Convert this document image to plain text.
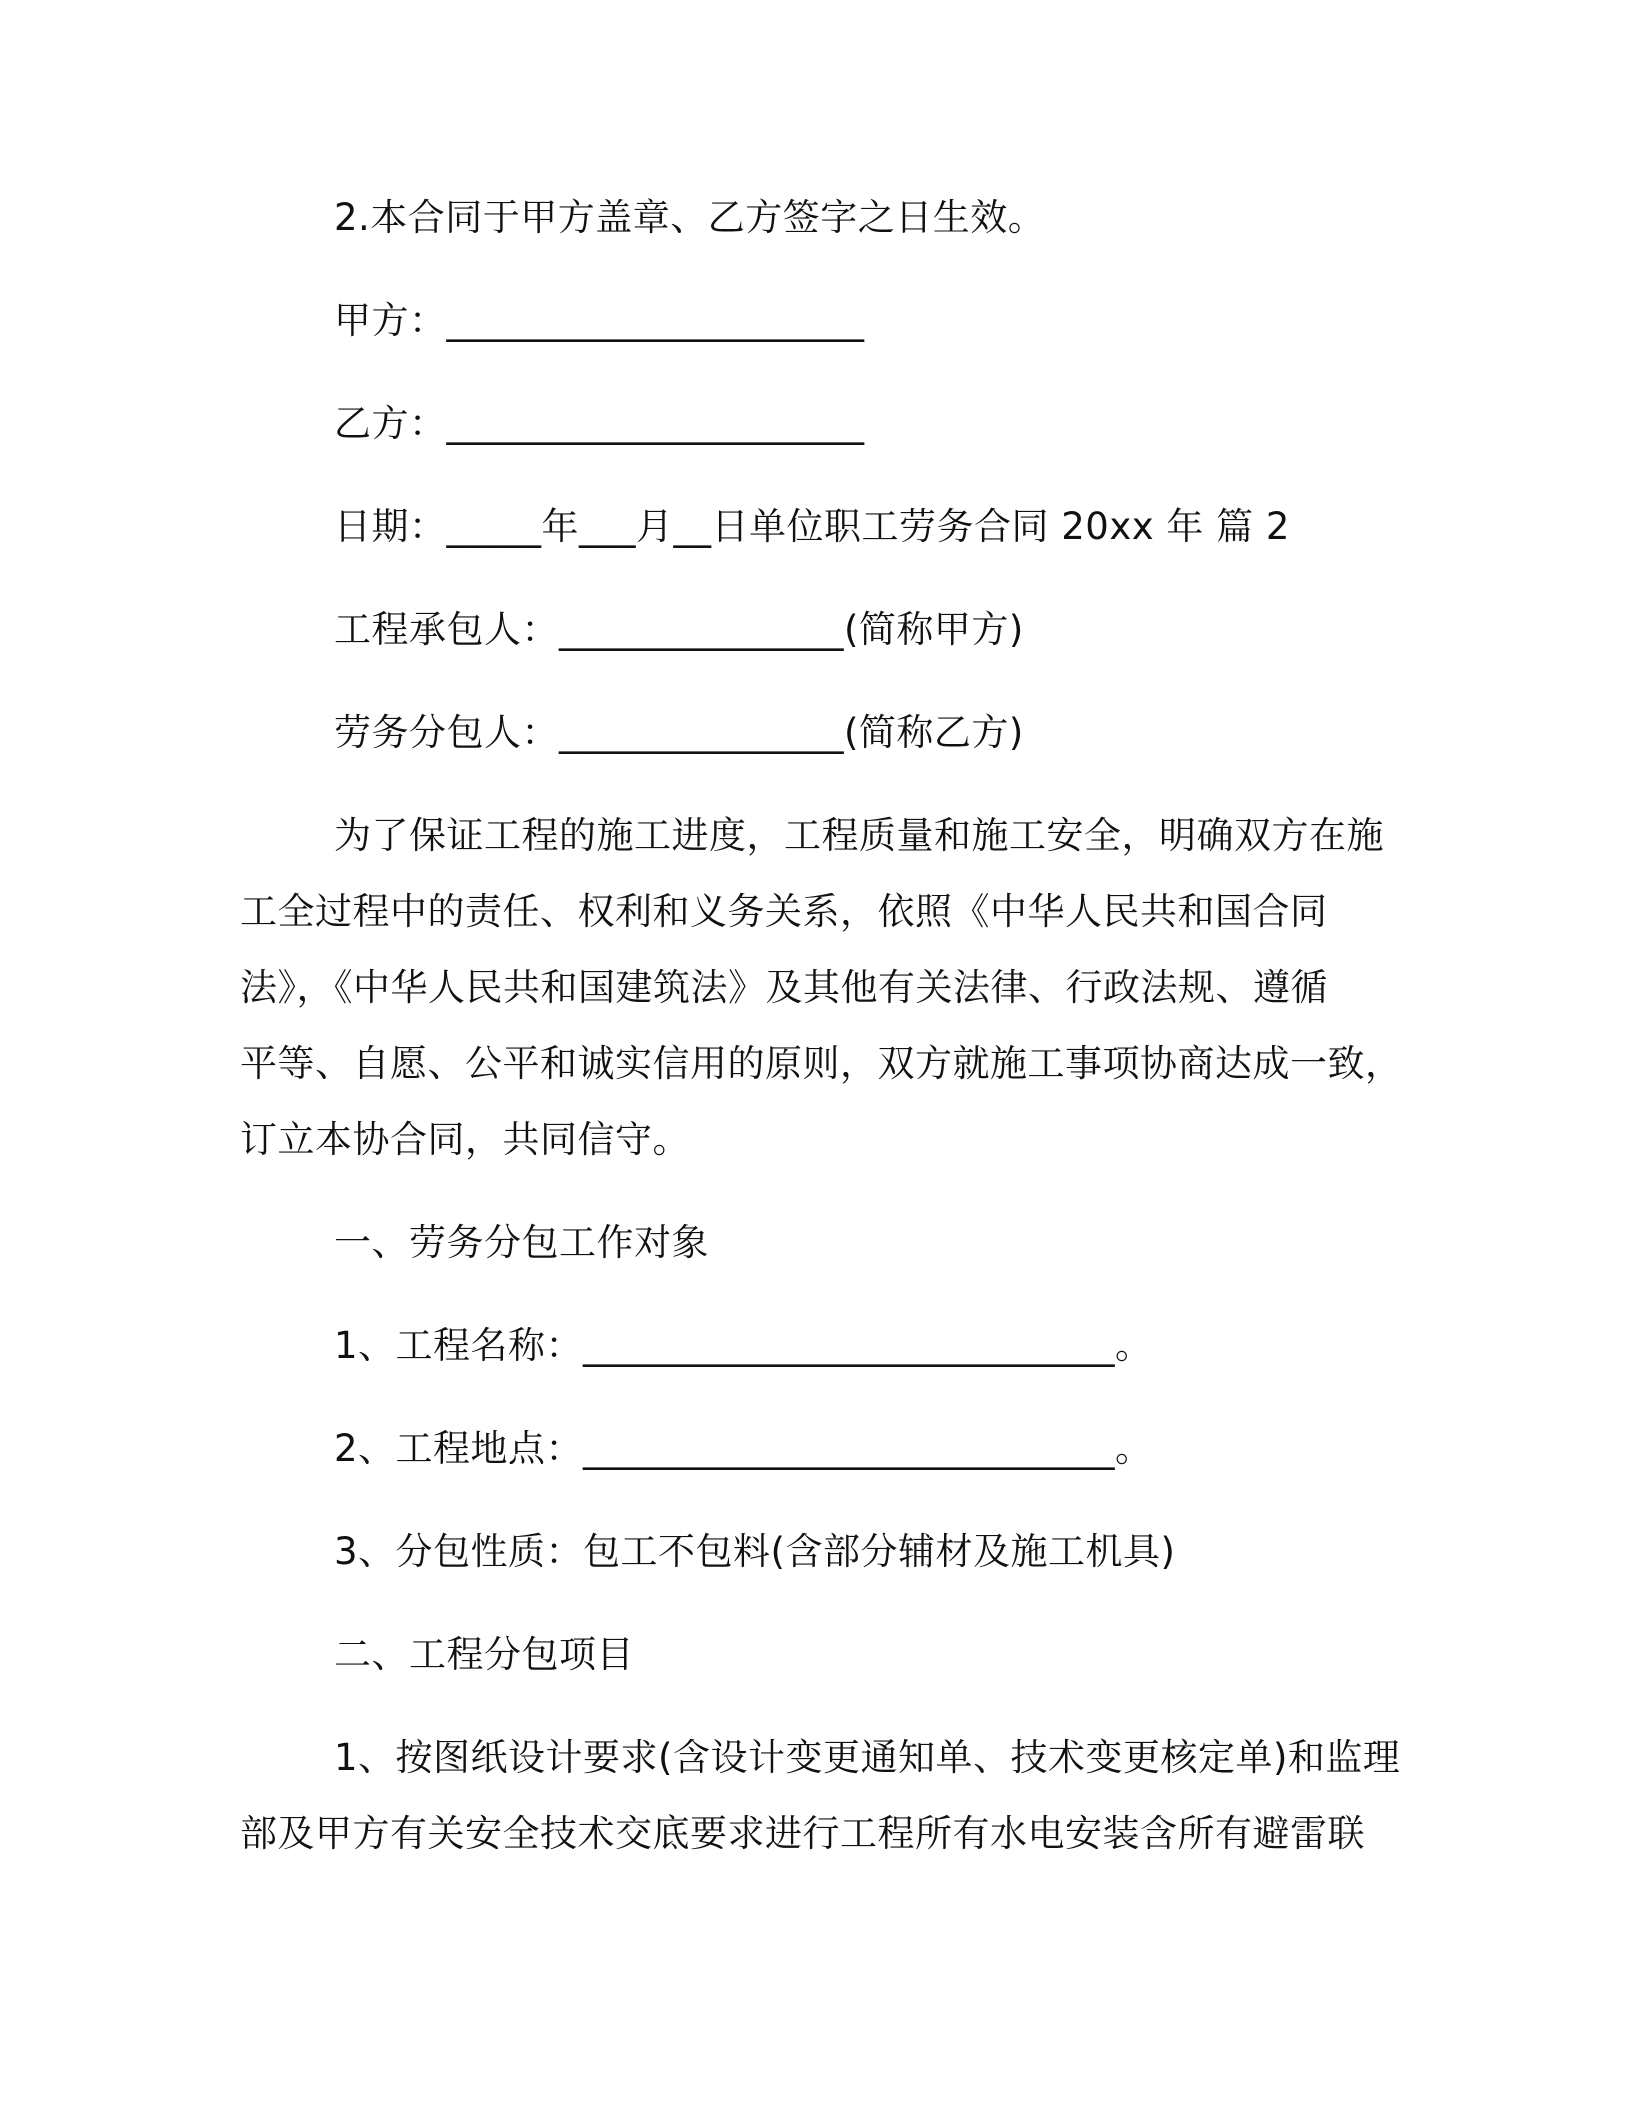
2.本合同于甲方盖章、乙方签字之日生效。
甲方：______________________
乙方：______________________
日期：_____年___月__日单位职工劳务合同 20xx 年 篇 2
工程承包人：_______________(简称甲方)
劳务分包人：_______________(简称乙方)
为了保证工程的施工进度，工程质量和施工安全，明确双方在施
工全过程中的责任、权利和义务关系，依照《中华人民共和国合同
法》，《中华人民共和国建筑法》及其他有关法律、行政法规、遵循
平等、自愿、公平和诚实信用的原则，双方就施工事项协商达成一致，
订立本协合同，共同信守。
一、劳务分包工作对象
1、工程名称：____________________________。
2、工程地点：____________________________。
3、分包性质：包工不包料(含部分辅材及施工机具)
二、工程分包项目
1、按图纸设计要求(含设计变更通知单、技术变更核定单)和监理
部及甲方有关安全技术交底要求进行工程所有水电安装含所有避雷联
